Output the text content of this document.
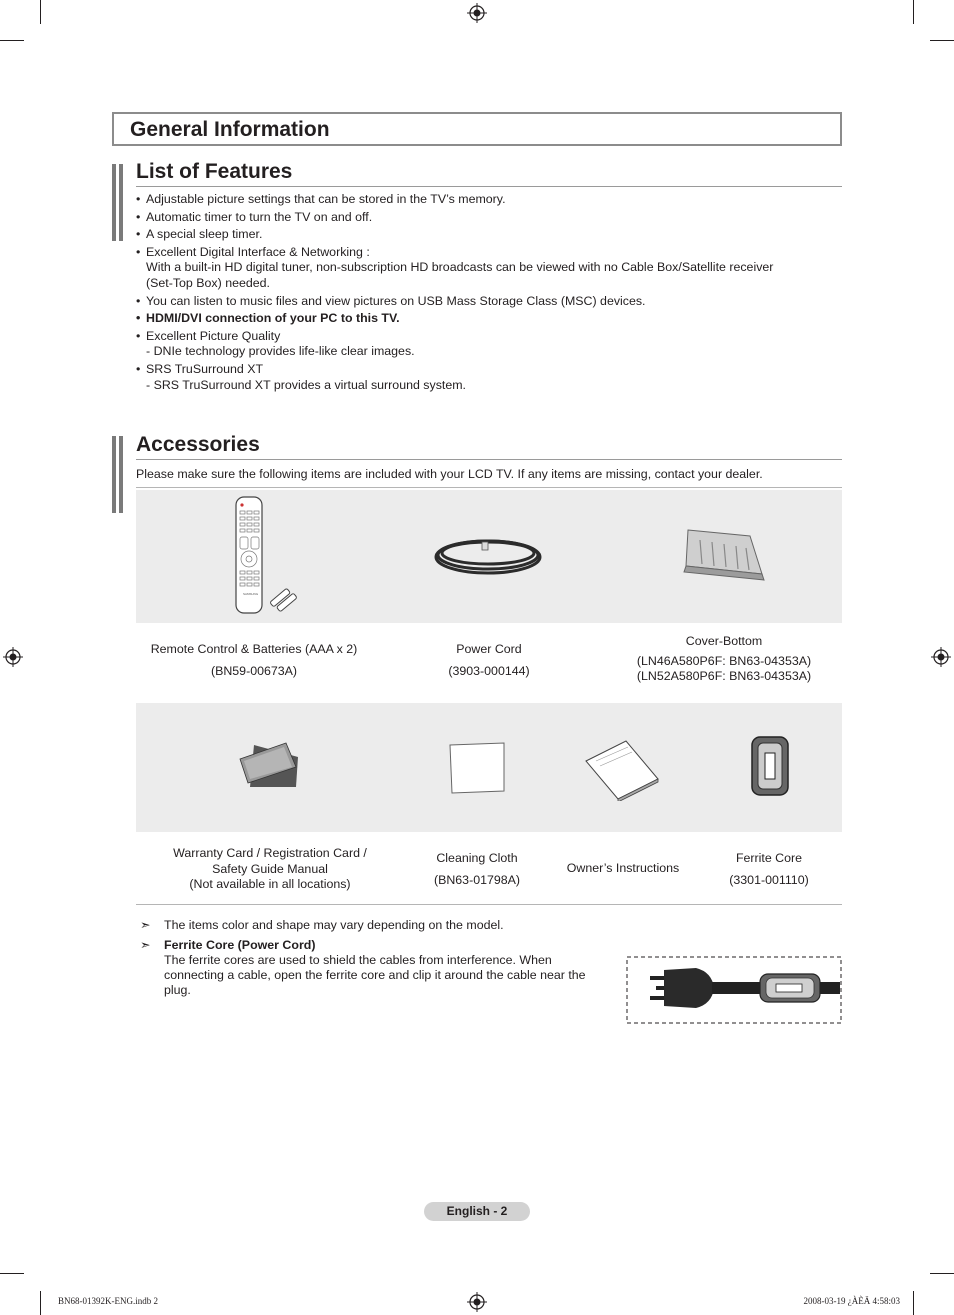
General Information
List of Features
• Adjustable picture settings that can be stored in the TV’s memory.
• Automatic timer to turn the TV on and off.
• A special sleep timer.
• Excellent Digital Interface & Networking :
With a built-in HD digital tuner, non-subscription HD broadcasts can be viewed with no Cable Box/Satellite receiver
(Set-Top Box) needed.
• You can listen to music files and view pictures on USB Mass Storage Class (MSC) devices.
• HDMI/DVI connection of your PC to this TV.
• Excellent Picture Quality
- DNIe technology provides life-like clear images.
• SRS TruSurround XT
- SRS TruSurround XT provides a virtual surround system.
Accessories
Please make sure the following items are included with your LCD TV. If any items are missing, contact your dealer.
SAMSUNG
Remote Control & Batteries (AAA x 2)
(BN59-00673A)
Power Cord
(3903-000144)
Cover-Bottom
(LN46A580P6F: BN63-04353A)
(LN52A580P6F: BN63-04353A)
Warranty Card / Registration Card /
Safety Guide Manual
(Not available in all locations)
Cleaning Cloth
(BN63-01798A)
Owner’s Instructions
Ferrite Core
(3301-001110)
➣ The items color and shape may vary depending on the model.
➣ Ferrite Core (Power Cord)
The ferrite cores are used to shield the cables from interference. When
connecting a cable, open the ferrite core and clip it around the cable near the
plug.
English - 2
BN68-01392K-ENG.indb 2	2008-03-19 ¿ÀÈÄ 4:58:03
